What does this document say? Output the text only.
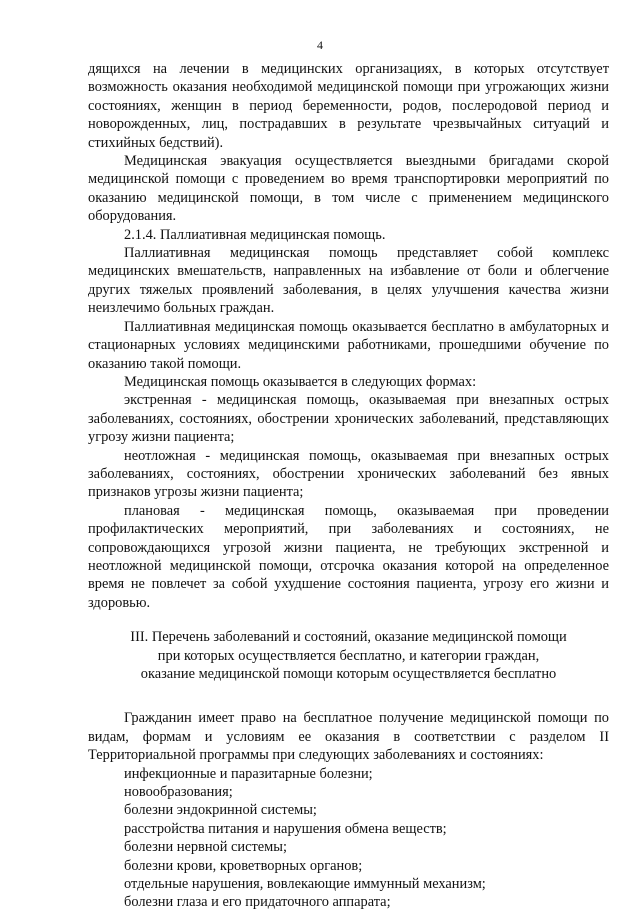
4

дящихся на лечении в медицинских организациях, в которых отсутствует возможность оказания необходимой медицинской помощи при угрожающих жизни состояниях, женщин в период беременности, родов, послеродовой период и новорожденных, лиц, пострадавших в результате чрезвычайных ситуаций и стихийных бедствий).

Медицинская эвакуация осуществляется выездными бригадами скорой медицинской помощи с проведением во время транспортировки мероприятий по оказанию медицинской помощи, в том числе с применением медицинского оборудования.

2.1.4. Паллиативная медицинская помощь.

Паллиативная медицинская помощь представляет собой комплекс медицинских вмешательств, направленных на избавление от боли и облегчение других тяжелых проявлений заболевания, в целях улучшения качества жизни неизлечимо больных граждан.

Паллиативная медицинская помощь оказывается бесплатно в амбулаторных и стационарных условиях медицинскими работниками, прошедшими обучение по оказанию такой помощи.

Медицинская помощь оказывается в следующих формах:

экстренная - медицинская помощь, оказываемая при внезапных острых заболеваниях, состояниях, обострении хронических заболеваний, представляющих угрозу жизни пациента;

неотложная - медицинская помощь, оказываемая при внезапных острых заболеваниях, состояниях, обострении хронических заболеваний без явных признаков угрозы жизни пациента;

плановая - медицинская помощь, оказываемая при проведении профилактических мероприятий, при заболеваниях и состояниях, не сопровождающихся угрозой жизни пациента, не требующих экстренной и неотложной медицинской помощи, отсрочка оказания которой на определенное время не повлечет за собой ухудшение состояния пациента, угрозу его жизни и здоровью.

III. Перечень заболеваний и состояний, оказание медицинской помощи

при которых осуществляется бесплатно, и категории граждан,

оказание медицинской помощи которым осуществляется бесплатно

Гражданин имеет право на бесплатное получение медицинской помощи по видам, формам и условиям ее оказания в соответствии с разделом II Территориальной программы при следующих заболеваниях и состояниях:

инфекционные и паразитарные болезни;

новообразования;

болезни эндокринной системы;

расстройства питания и нарушения обмена веществ;

болезни нервной системы;

болезни крови, кроветворных органов;

отдельные нарушения, вовлекающие иммунный механизм;

болезни глаза и его придаточного аппарата;
